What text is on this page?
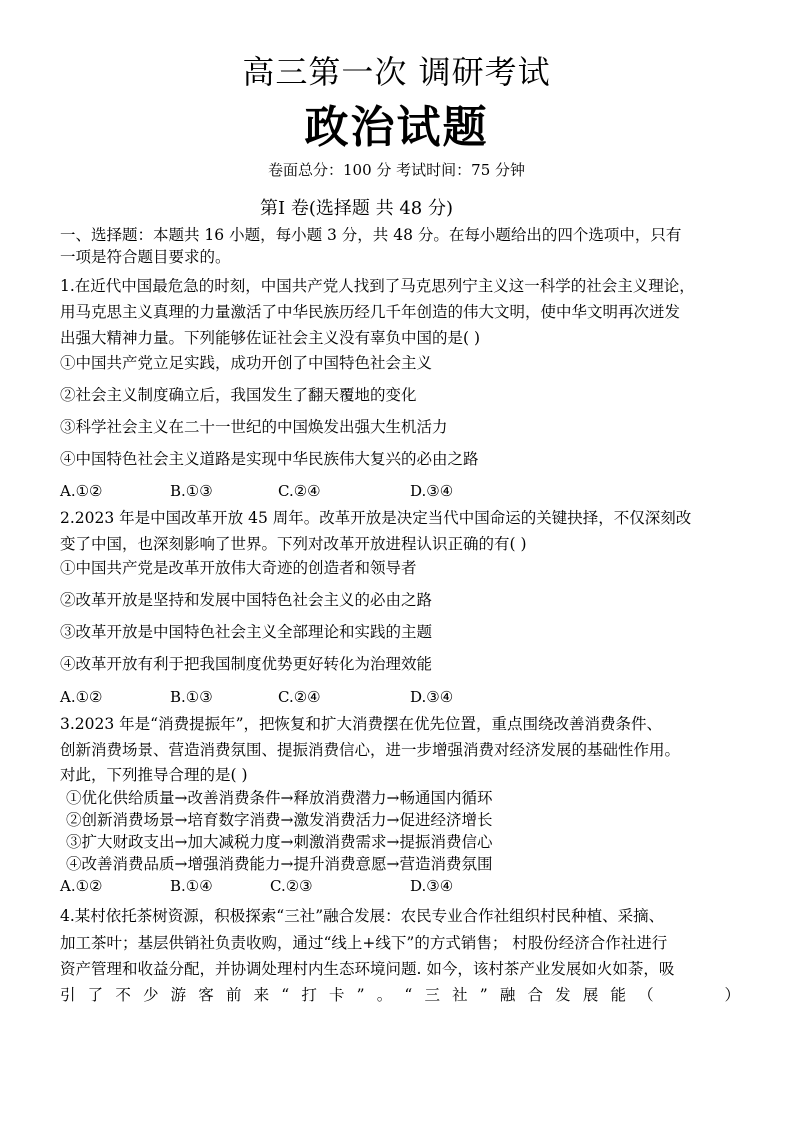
高三第一次 调研考试
政治试题
卷面总分：100 分 考试时间：75 分钟
第Ⅰ 卷(选择题 共 48 分)
一、选择题：本题共 16 小题，每小题 3 分，共 48 分。在每小题给出的四个选项中，只有
一项是符合题目要求的。
1.在近代中国最危急的时刻，中国共产党人找到了马克思列宁主义这一科学的社会主义理论，
用马克思主义真理的力量激活了中华民族历经几千年创造的伟大文明，使中华文明再次迸发
出强大精神力量。下列能够佐证社会主义没有辜负中国的是( )
①中国共产党立足实践，成功开创了中国特色社会主义
②社会主义制度确立后，我国发生了翻天覆地的变化
③科学社会主义在二十一世纪的中国焕发出强大生机活力
④中国特色社会主义道路是实现中华民族伟大复兴的必由之路
A.①②	B.①③	C.②④	D.③④
2.2023 年是中国改革开放 45 周年。改革开放是决定当代中国命运的关键抉择，不仅深刻改
变了中国，也深刻影响了世界。下列对改革开放进程认识正确的有( )
①中国共产党是改革开放伟大奇迹的创造者和领导者
②改革开放是坚持和发展中国特色社会主义的必由之路
③改革开放是中国特色社会主义全部理论和实践的主题
④改革开放有利于把我国制度优势更好转化为治理效能
A.①②	B.①③	C.②④	D.③④
3.2023 年是“消费提振年”，把恢复和扩大消费摆在优先位置，重点围绕改善消费条件、
创新消费场景、营造消费氛围、提振消费信心，进一步增强消费对经济发展的基础性作用。
对此，下列推导合理的是( )
①优化供给质量→改善消费条件→释放消费潜力→畅通国内循环
②创新消费场景→培育数字消费→激发消费活力→促进经济增长
③扩大财政支出→加大减税力度→刺激消费需求→提振消费信心
④改善消费品质→增强消费能力→提升消费意愿→营造消费氛围
A.①②	B.①④	C.②③	D.③④
4.某村依托茶树资源，积极探索“三社”融合发展：农民专业合作社组织村民种植、采摘、
加工茶叶；基层供销社负责收购，通过“线上+线下”的方式销售； 村股份经济合作社进行
资产管理和收益分配，并协调处理村内生态环境问题. 如今，该村茶产业发展如火如荼，吸
引 了 不 少 游 客 前 来 “ 打 卡 ” 。 “ 三 社 ” 融 合 发 展 能 （
　　　	）
